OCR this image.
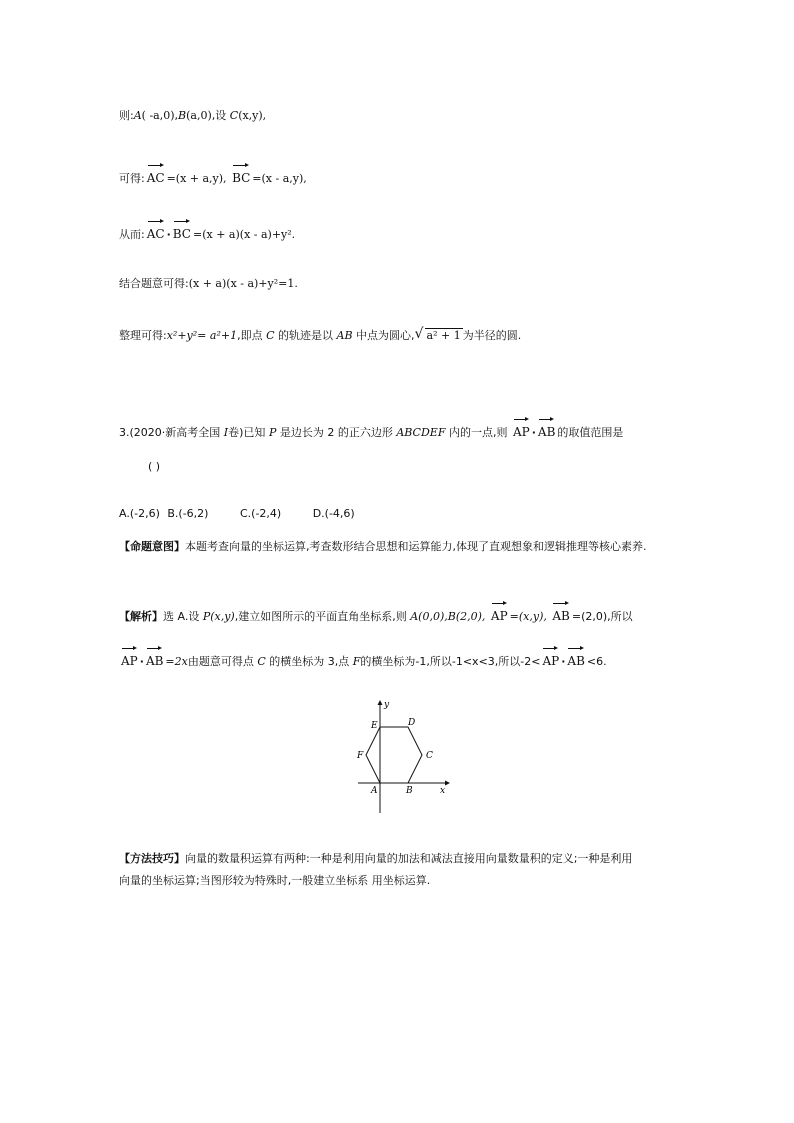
则:A( -a,0),B(a,0),设 C(x,y),
可得: AC =(x + a,y), BC =(x - a,y),
从而: AC · BC =(x + a)(x - a)+y².
结合题意可得:(x + a)(x - a)+y²=1.
整理可得:x²+y²= a²+1,即点 C 的轨迹是以 AB 中点为圆心, √ a² + 1 为半径的圆.
3.(2020·新高考全国 I卷)已知 P 是边长为 2 的正六边形 ABCDEF 内的一点,则 AP · AB 的取值范围是
( )
A.(-2,6) B.(-6,2)	C.(-2,4)	D.(-4,6)
【命题意图】本题考查向量的坐标运算,考查数形结合思想和运算能力,体现了直观想象和逻辑推理等核心素养.
【解析】选 A.设 P(x,y),建立如图所示的平面直角坐标系,则 A(0,0),B(2,0), AP =(x,y), AB =(2,0),所以
AP · AB =2x由题意可得点 C 的横坐标为 3,点 F的横坐标为-1,所以-1<x<3,所以-2< AP · AB <6.
y
x
A	B
C
D
E
F
【方法技巧】向量的数量积运算有两种:一种是利用向量的加法和减法直接用向量数量积的定义;一种是利用
向量的坐标运算;当图形较为特殊时,一般建立坐标系 用坐标运算.
